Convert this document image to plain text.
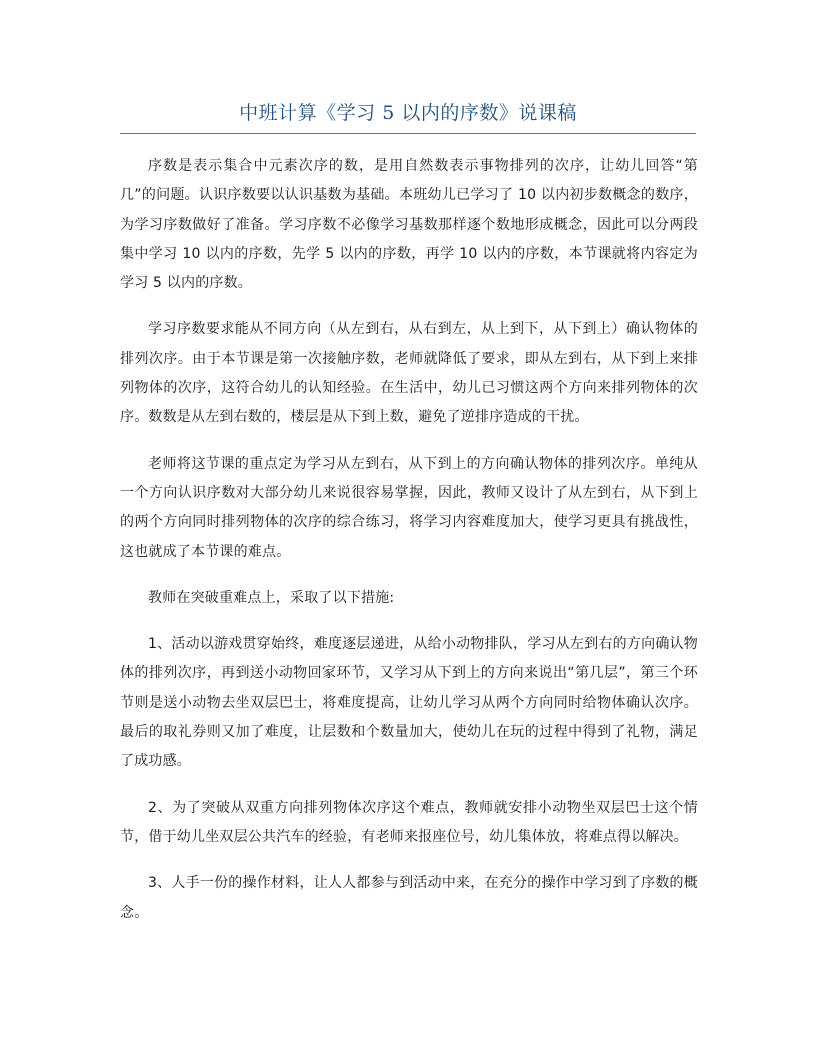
中班计算《学习 5 以内的序数》说课稿

序数是表示集合中元素次序的数，是用自然数表示事物排列的次序，让幼儿回答“第几”的问题。认识序数要以认识基数为基础。本班幼儿已学习了 10 以内初步数概念的数序，为学习序数做好了准备。学习序数不必像学习基数那样逐个数地形成概念，因此可以分两段集中学习 10 以内的序数，先学 5 以内的序数，再学 10 以内的序数，本节课就将内容定为学习 5 以内的序数。

学习序数要求能从不同方向（从左到右，从右到左，从上到下，从下到上）确认物体的排列次序。由于本节课是第一次接触序数，老师就降低了要求，即从左到右，从下到上来排列物体的次序，这符合幼儿的认知经验。在生活中，幼儿已习惯这两个方向来排列物体的次序。数数是从左到右数的，楼层是从下到上数，避免了逆排序造成的干扰。

老师将这节课的重点定为学习从左到右，从下到上的方向确认物体的排列次序。单纯从一个方向认识序数对大部分幼儿来说很容易掌握，因此，教师又设计了从左到右，从下到上的两个方向同时排列物体的次序的综合练习，将学习内容难度加大，使学习更具有挑战性，这也就成了本节课的难点。

教师在突破重难点上，采取了以下措施:

1、活动以游戏贯穿始终，难度逐层递进，从给小动物排队，学习从左到右的方向确认物体的排列次序，再到送小动物回家环节，又学习从下到上的方向来说出“第几层”，第三个环节则是送小动物去坐双层巴士，将难度提高，让幼儿学习从两个方向同时给物体确认次序。最后的取礼券则又加了难度，让层数和个数量加大，使幼儿在玩的过程中得到了礼物，满足了成功感。

2、为了突破从双重方向排列物体次序这个难点，教师就安排小动物坐双层巴士这个情节，借于幼儿坐双层公共汽车的经验，有老师来报座位号，幼儿集体放，将难点得以解决。

3、人手一份的操作材料，让人人都参与到活动中来，在充分的操作中学习到了序数的概念。
